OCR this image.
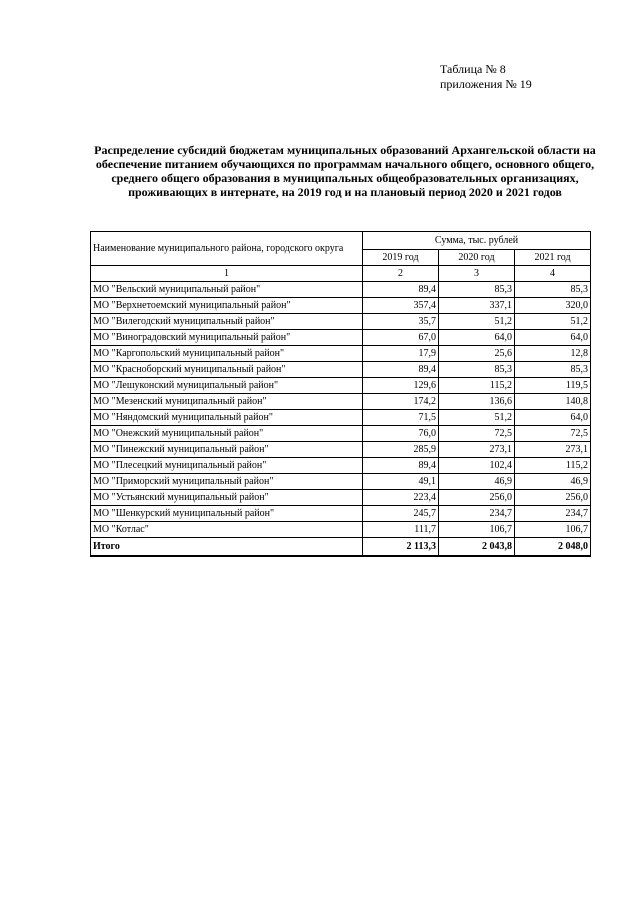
Таблица № 8
приложения № 19
Распределение субсидий бюджетам муниципальных образований Архангельской области на обеспечение питанием обучающихся по программам начального общего, основного общего, среднего общего образования в муниципальных общеобразовательных организациях, проживающих в интернате, на 2019 год и на плановый период 2020 и 2021 годов
Наименование муниципального района, городского округа	Сумма, тыс. рублей		
	2019 год	2020 год	2021 год
1	2	3	4
МО "Вельский муниципальный район"	89,4	85,3	85,3
МО "Верхнетоемский муниципальный район"	357,4	337,1	320,0
МО "Вилегодский муниципальный район"	35,7	51,2	51,2
МО "Виноградовский муниципальный район"	67,0	64,0	64,0
МО "Каргопольский муниципальный район"	17,9	25,6	12,8
МО "Красноборский муниципальный район"	89,4	85,3	85,3
МО "Лешуконский муниципальный район"	129,6	115,2	119,5
МО "Мезенский муниципальный район"	174,2	136,6	140,8
МО "Няндомский муниципальный район"	71,5	51,2	64,0
МО "Онежский муниципальный район"	76,0	72,5	72,5
МО "Пинежский муниципальный район"	285,9	273,1	273,1
МО "Плесецкий муниципальный район"	89,4	102,4	115,2
МО "Приморский муниципальный район"	49,1	46,9	46,9
МО "Устьянский муниципальный район"	223,4	256,0	256,0
МО "Шенкурский муниципальный район"	245,7	234,7	234,7
МО "Котлас"	111,7	106,7	106,7
Итого	2 113,3	2 043,8	2 048,0
